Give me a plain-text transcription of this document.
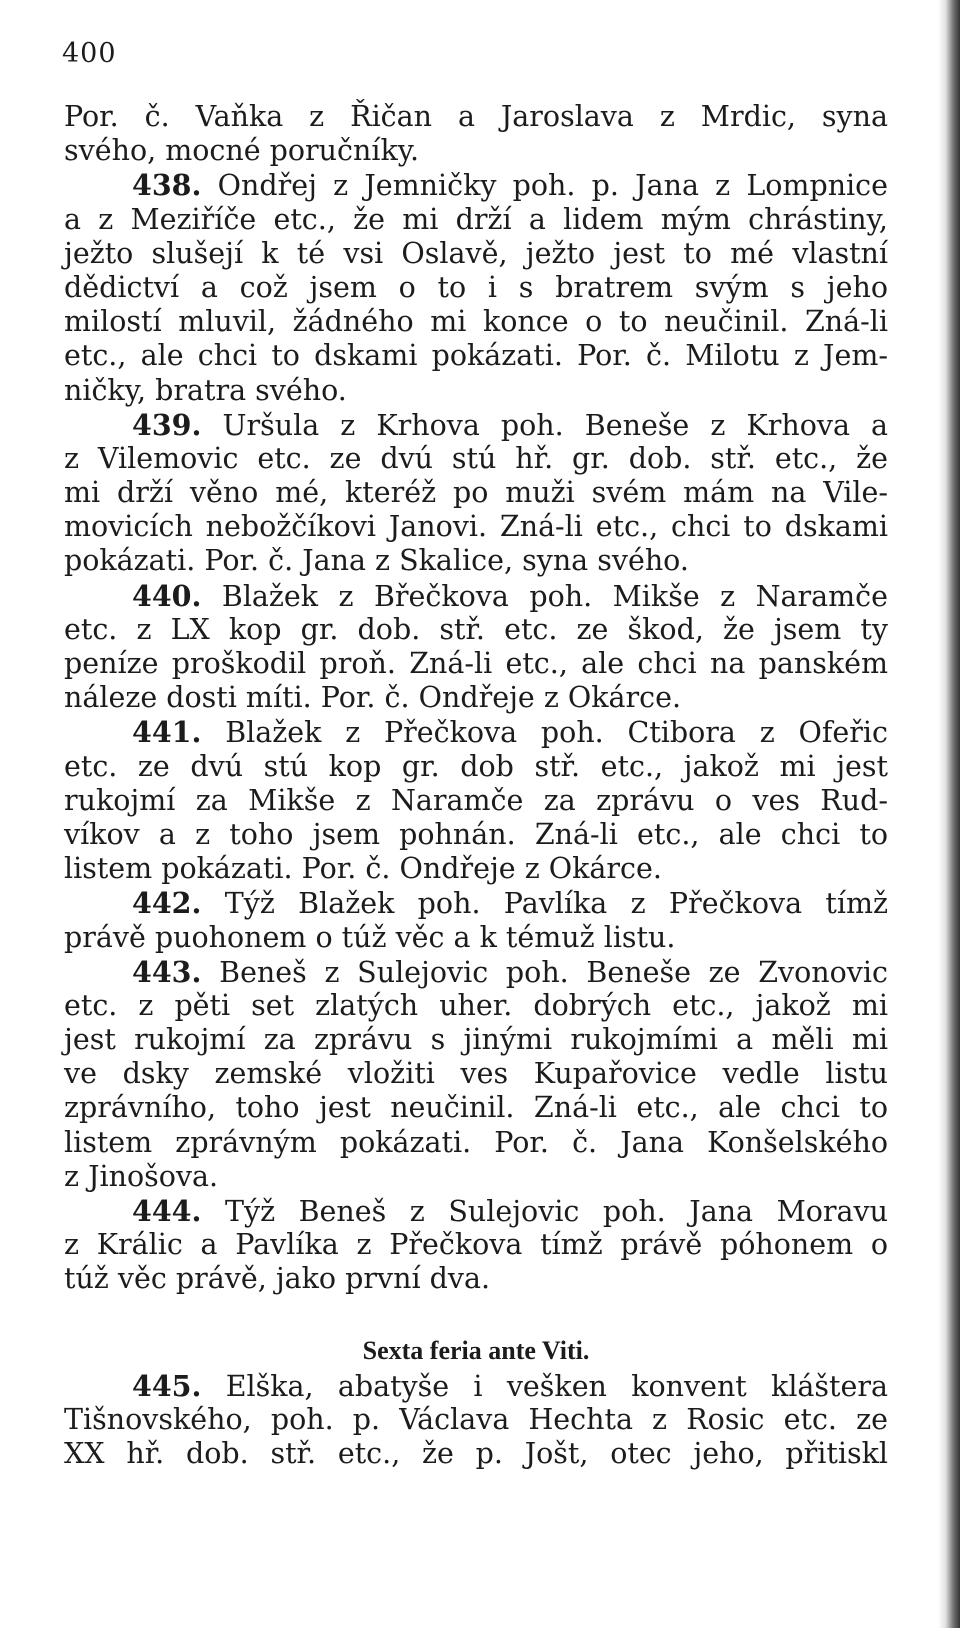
400
Por. č. Vaňka z Řičan a Jaroslava z Mrdic, syna
svého, mocné poručníky.
438. Ondřej z Jemničky poh. p. Jana z Lompnice
a z Meziříče etc., že mi drží a lidem mým chrástiny,
ježto slušejí k té vsi Oslavě, ježto jest to mé vlastní
dědictví a což jsem o to i s bratrem svým s jeho
milostí mluvil, žádného mi konce o to neučinil. Zná-li
etc., ale chci to dskami pokázati. Por. č. Milotu z Jem-
ničky, bratra svého.
439. Uršula z Krhova poh. Beneše z Krhova a
z Vilemovic etc. ze dvú stú hř. gr. dob. stř. etc., že
mi drží věno mé, kteréž po muži svém mám na Vile-
movicích nebožčíkovi Janovi. Zná-li etc., chci to dskami
pokázati. Por. č. Jana z Skalice, syna svého.
440. Blažek z Břečkova poh. Mikše z Naramče
etc. z LX kop gr. dob. stř. etc. ze škod, že jsem ty
peníze proškodil proň. Zná-li etc., ale chci na panském
náleze dosti míti. Por. č. Ondřeje z Okárce.
441. Blažek z Přečkova poh. Ctibora z Ofeřic
etc. ze dvú stú kop gr. dob stř. etc., jakož mi jest
rukojmí za Mikše z Naramče za zprávu o ves Rud-
víkov a z toho jsem pohnán. Zná-li etc., ale chci to
listem pokázati. Por. č. Ondřeje z Okárce.
442. Týž Blažek poh. Pavlíka z Přečkova tímž
právě puohonem o túž věc a k témuž listu.
443. Beneš z Sulejovic poh. Beneše ze Zvonovic
etc. z pěti set zlatých uher. dobrých etc., jakož mi
jest rukojmí za zprávu s jinými rukojmími a měli mi
ve dsky zemské vložiti ves Kupařovice vedle listu
zprávního, toho jest neučinil. Zná-li etc., ale chci to
listem zprávným pokázati. Por. č. Jana Konšelského
z Jinošova.
444. Týž Beneš z Sulejovic poh. Jana Moravu
z Králic a Pavlíka z Přečkova tímž právě póhonem o
túž věc právě, jako první dva.
Sexta feria ante Viti.
445. Elška, abatyše i vešken konvent kláštera
Tišnovského, poh. p. Václava Hechta z Rosic etc. ze
XX hř. dob. stř. etc., že p. Jošt, otec jeho, přitiskl
